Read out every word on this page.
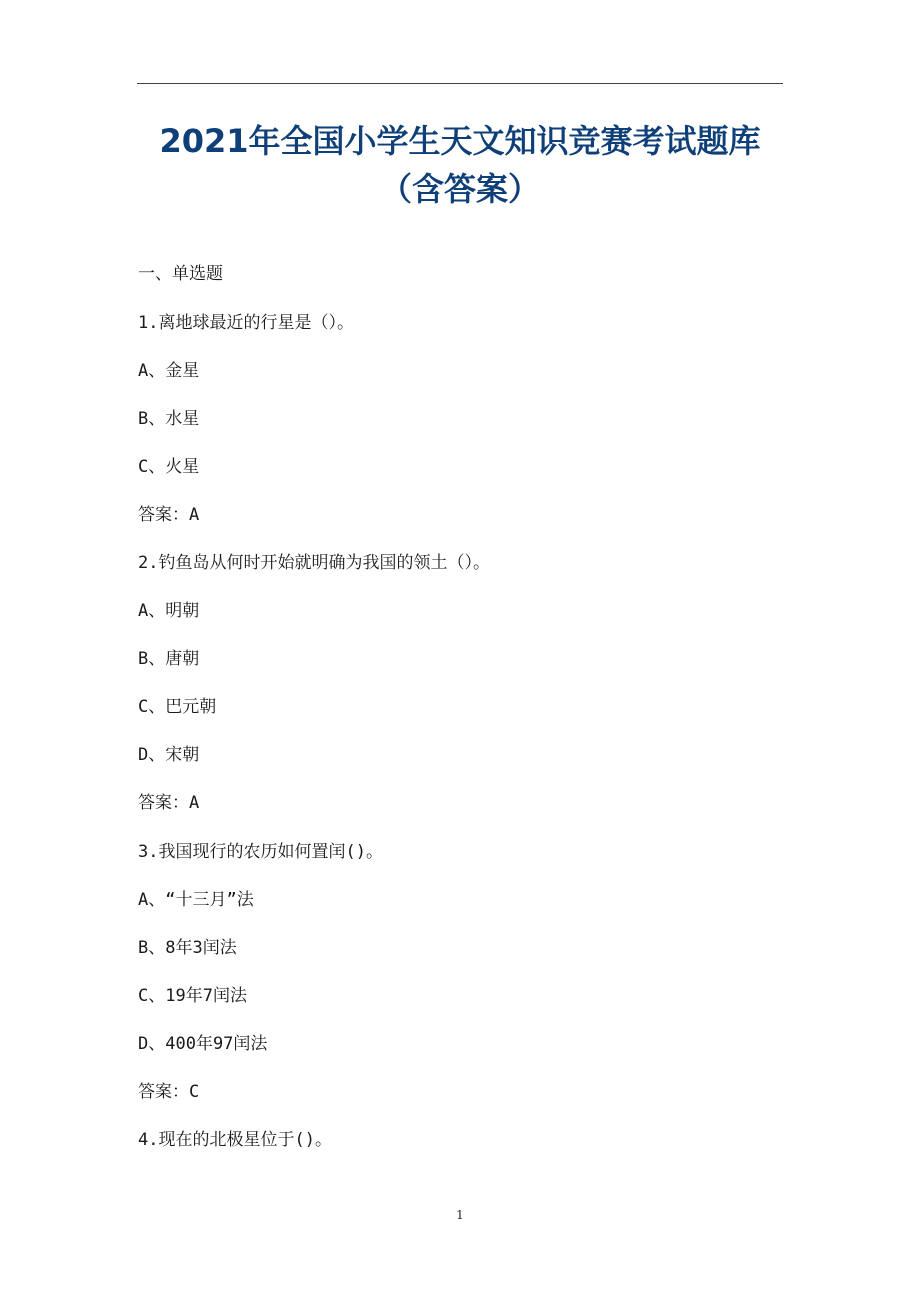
2021年全国小学生天文知识竞赛考试题库
（含答案）
一、单选题
1.离地球最近的行星是（）。
A、金星
B、水星
C、火星
答案：A
2.钓鱼岛从何时开始就明确为我国的领土（）。
A、明朝
B、唐朝
C、巴元朝
D、宋朝
答案：A
3.我国现行的农历如何置闰()。
A、“十三月”法
B、8年3闰法
C、19年7闰法
D、400年97闰法
答案：C
4.现在的北极星位于()。
1
